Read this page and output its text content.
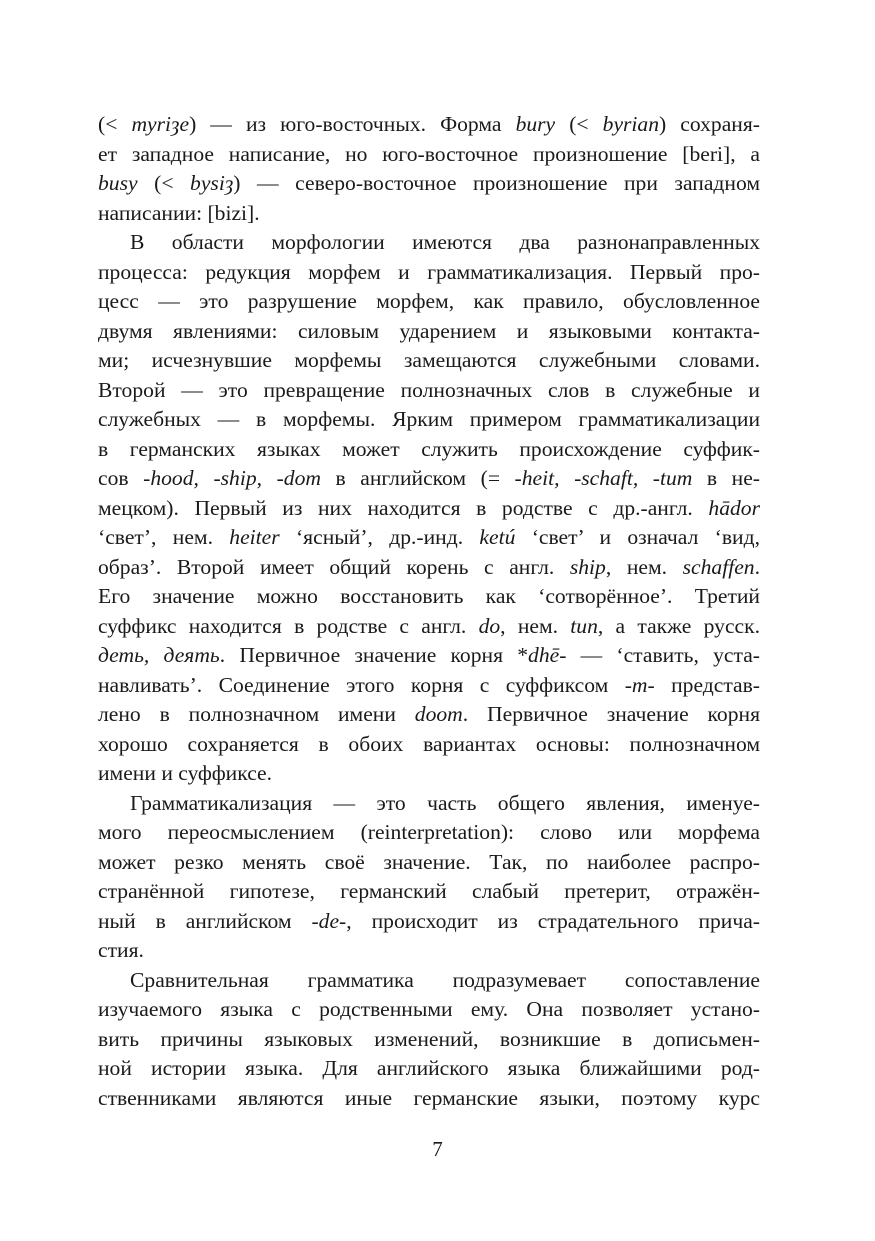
(< myriȝe) — из юго-восточных. Форма bury (< byrian) сохраня-
ет западное написание, но юго-восточное произношение [beri], а
busy (< bysiȝ) — северо-восточное произношение при западном
написании: [bizi].
В области морфологии имеются два разнонаправленных
процесса: редукция морфем и грамматикализация. Первый про-
цесс — это разрушение морфем, как правило, обусловленное
двумя явлениями: силовым ударением и языковыми контакта-
ми; исчезнувшие морфемы замещаются служебными словами.
Второй — это превращение полнозначных слов в служебные и
служебных — в морфемы. Ярким примером грамматикализации
в германских языках может служить происхождение суффик-
сов -hood, -ship, -dom в английском (= -heit, -schaft, -tum в не-
мецком). Первый из них находится в родстве с др.-англ. hādor
‘свет’, нем. heiter ‘ясный’, др.-инд. ketú ‘свет’ и означал ‘вид,
образ’. Второй имеет общий корень с англ. ship, нем. schaffen.
Его значение можно восстановить как ‘сотворённое’. Третий
суффикс находится в родстве с англ. do, нем. tun, а также русск.
деть, деять. Первичное значение корня *dhē- — ‘ставить, уста-
навливать’. Соединение этого корня с суффиксом -m- представ-
лено в полнозначном имени doom. Первичное значение корня
хорошо сохраняется в обоих вариантах основы: полнозначном
имени и суффиксе.
Грамматикализация — это часть общего явления, именуе-
мого переосмыслением (reinterpretation): слово или морфема
может резко менять своё значение. Так, по наиболее распро-
странённой гипотезе, германский слабый претерит, отражён-
ный в английском -de-, происходит из страдательного прича-
стия.
Сравнительная грамматика подразумевает сопоставление
изучаемого языка с родственными ему. Она позволяет устано-
вить причины языковых изменений, возникшие в дописьмен-
ной истории языка. Для английского языка ближайшими род-
ственниками являются иные германские языки, поэтому курс
7
